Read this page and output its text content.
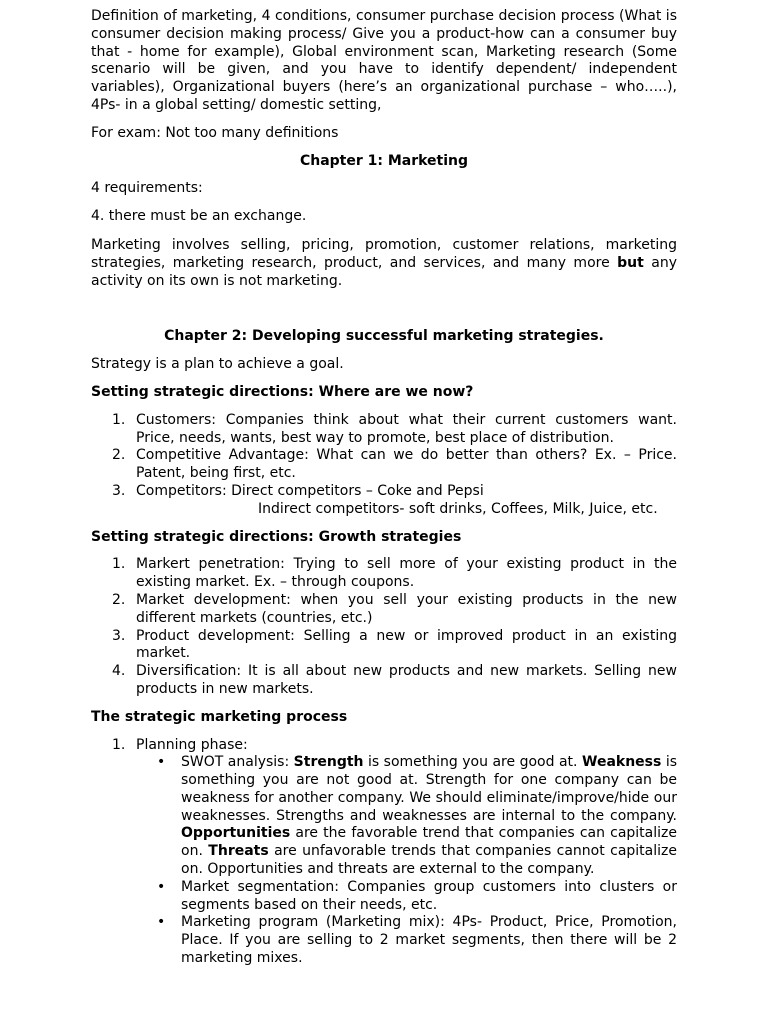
Definition of marketing, 4 conditions, consumer purchase decision process (What is consumer decision making process/ Give you a product-how can a consumer buy that - home for example), Global environment scan, Marketing research (Some scenario will be given, and you have to identify dependent/ independent variables), Organizational buyers (here’s an organizational purchase – who…..), 4Ps- in a global setting/ domestic setting,

For exam: Not too many definitions

Chapter 1: Marketing

4 requirements:

4. there must be an exchange.

Marketing involves selling, pricing, promotion, customer relations, marketing strategies, marketing research, product, and services, and many more but any activity on its own is not marketing.

Chapter 2: Developing successful marketing strategies.

Strategy is a plan to achieve a goal.

Setting strategic directions: Where are we now?

1. Customers: Companies think about what their current customers want. Price, needs, wants, best way to promote, best place of distribution.
2. Competitive Advantage: What can we do better than others? Ex. – Price. Patent, being first, etc.
3. Competitors: Direct competitors – Coke and Pepsi

Indirect competitors- soft drinks, Coffees, Milk, Juice, etc.

Setting strategic directions: Growth strategies

1. Markert penetration: Trying to sell more of your existing product in the existing market. Ex. – through coupons.
2. Market development: when you sell your existing products in the new different markets (countries, etc.)
3. Product development: Selling a new or improved product in an existing market.
4. Diversification: It is all about new products and new markets. Selling new products in new markets.

The strategic marketing process

1. Planning phase:
• SWOT analysis: Strength is something you are good at. Weakness is something you are not good at. Strength for one company can be weakness for another company. We should eliminate/improve/hide our weaknesses. Strengths and weaknesses are internal to the company. Opportunities are the favorable trend that companies can capitalize on. Threats are unfavorable trends that companies cannot capitalize on. Opportunities and threats are external to the company.
• Market segmentation: Companies group customers into clusters or segments based on their needs, etc.
• Marketing program (Marketing mix): 4Ps- Product, Price, Promotion, Place. If you are selling to 2 market segments, then there will be 2 marketing mixes.
